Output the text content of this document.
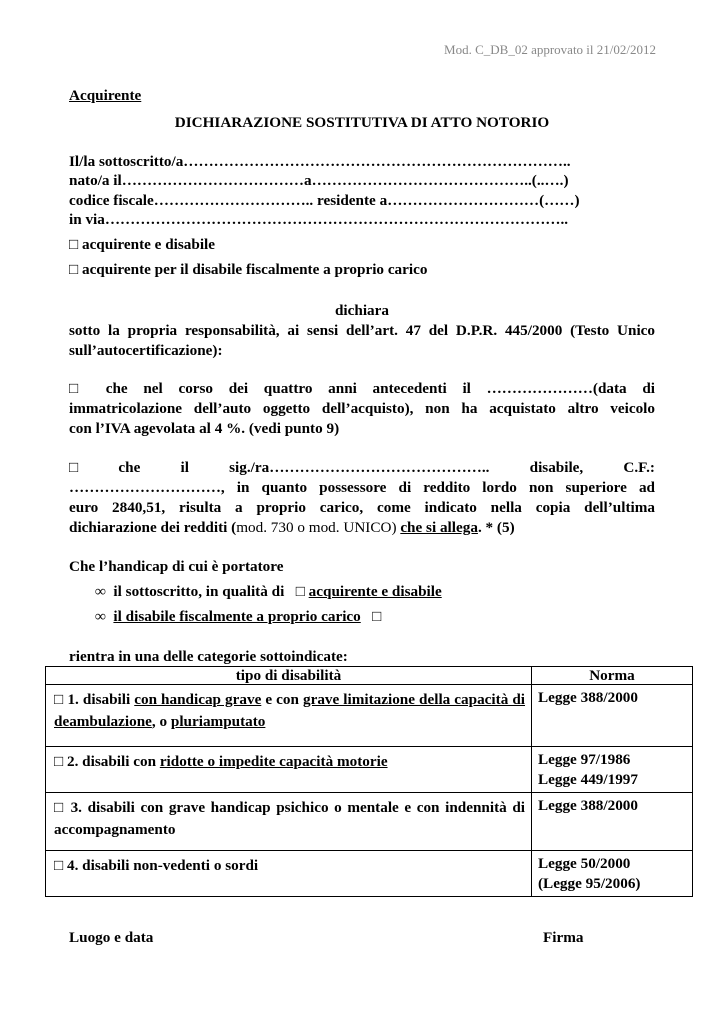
Mod. C_DB_02 approvato il 21/02/2012
Acquirente
DICHIARAZIONE SOSTITUTIVA DI ATTO NOTORIO
Il/la sottoscritto/a…………………………………………………………………..
nato/a il………………………………a……………………………………..(..….)
codice fiscale………………………….. residente a…………………………(……)
in via………………………………………………………………………………..
□ acquirente e disabile
□ acquirente per il disabile fiscalmente a proprio carico
dichiara
sotto la propria responsabilità, ai sensi dell’art. 47 del D.P.R. 445/2000 (Testo Unico sull’autocertificazione):
□ che nel corso dei quattro anni antecedenti il …………………(data di
immatricolazione dell’auto oggetto dell’acquisto), non ha acquistato altro veicolo
con l’IVA agevolata al 4 %. (vedi punto 9)
□	che	il	sig./ra……………………………………..	disabile,	C.F.:
…………………………, in quanto possessore di reddito lordo non superiore ad
euro 2840,51, risulta a proprio carico, come indicato nella copia dell’ultima
dichiarazione dei redditi (mod. 730 o mod. UNICO) che si allega. * (5)
Che l’handicap di cui è portatore
∞ il sottoscritto, in qualità di □ acquirente e disabile
∞ il disabile fiscalmente a proprio carico □
rientra in una delle categorie sottoindicate:
tipo di disabilità	Norma
□ 1. disabili con handicap grave e con grave limitazione della capacità di deambulazione, o pluriamputato	Legge 388/2000

□ 2. disabili con ridotte o impedite capacità motorie	Legge 97/1986
Legge 449/1997

□ 3. disabili con grave handicap psichico o mentale e con indennità di accompagnamento	Legge 388/2000

□ 4. disabili non-vedenti o sordi	Legge 50/2000
(Legge 95/2006)
Luogo e data	Firma
